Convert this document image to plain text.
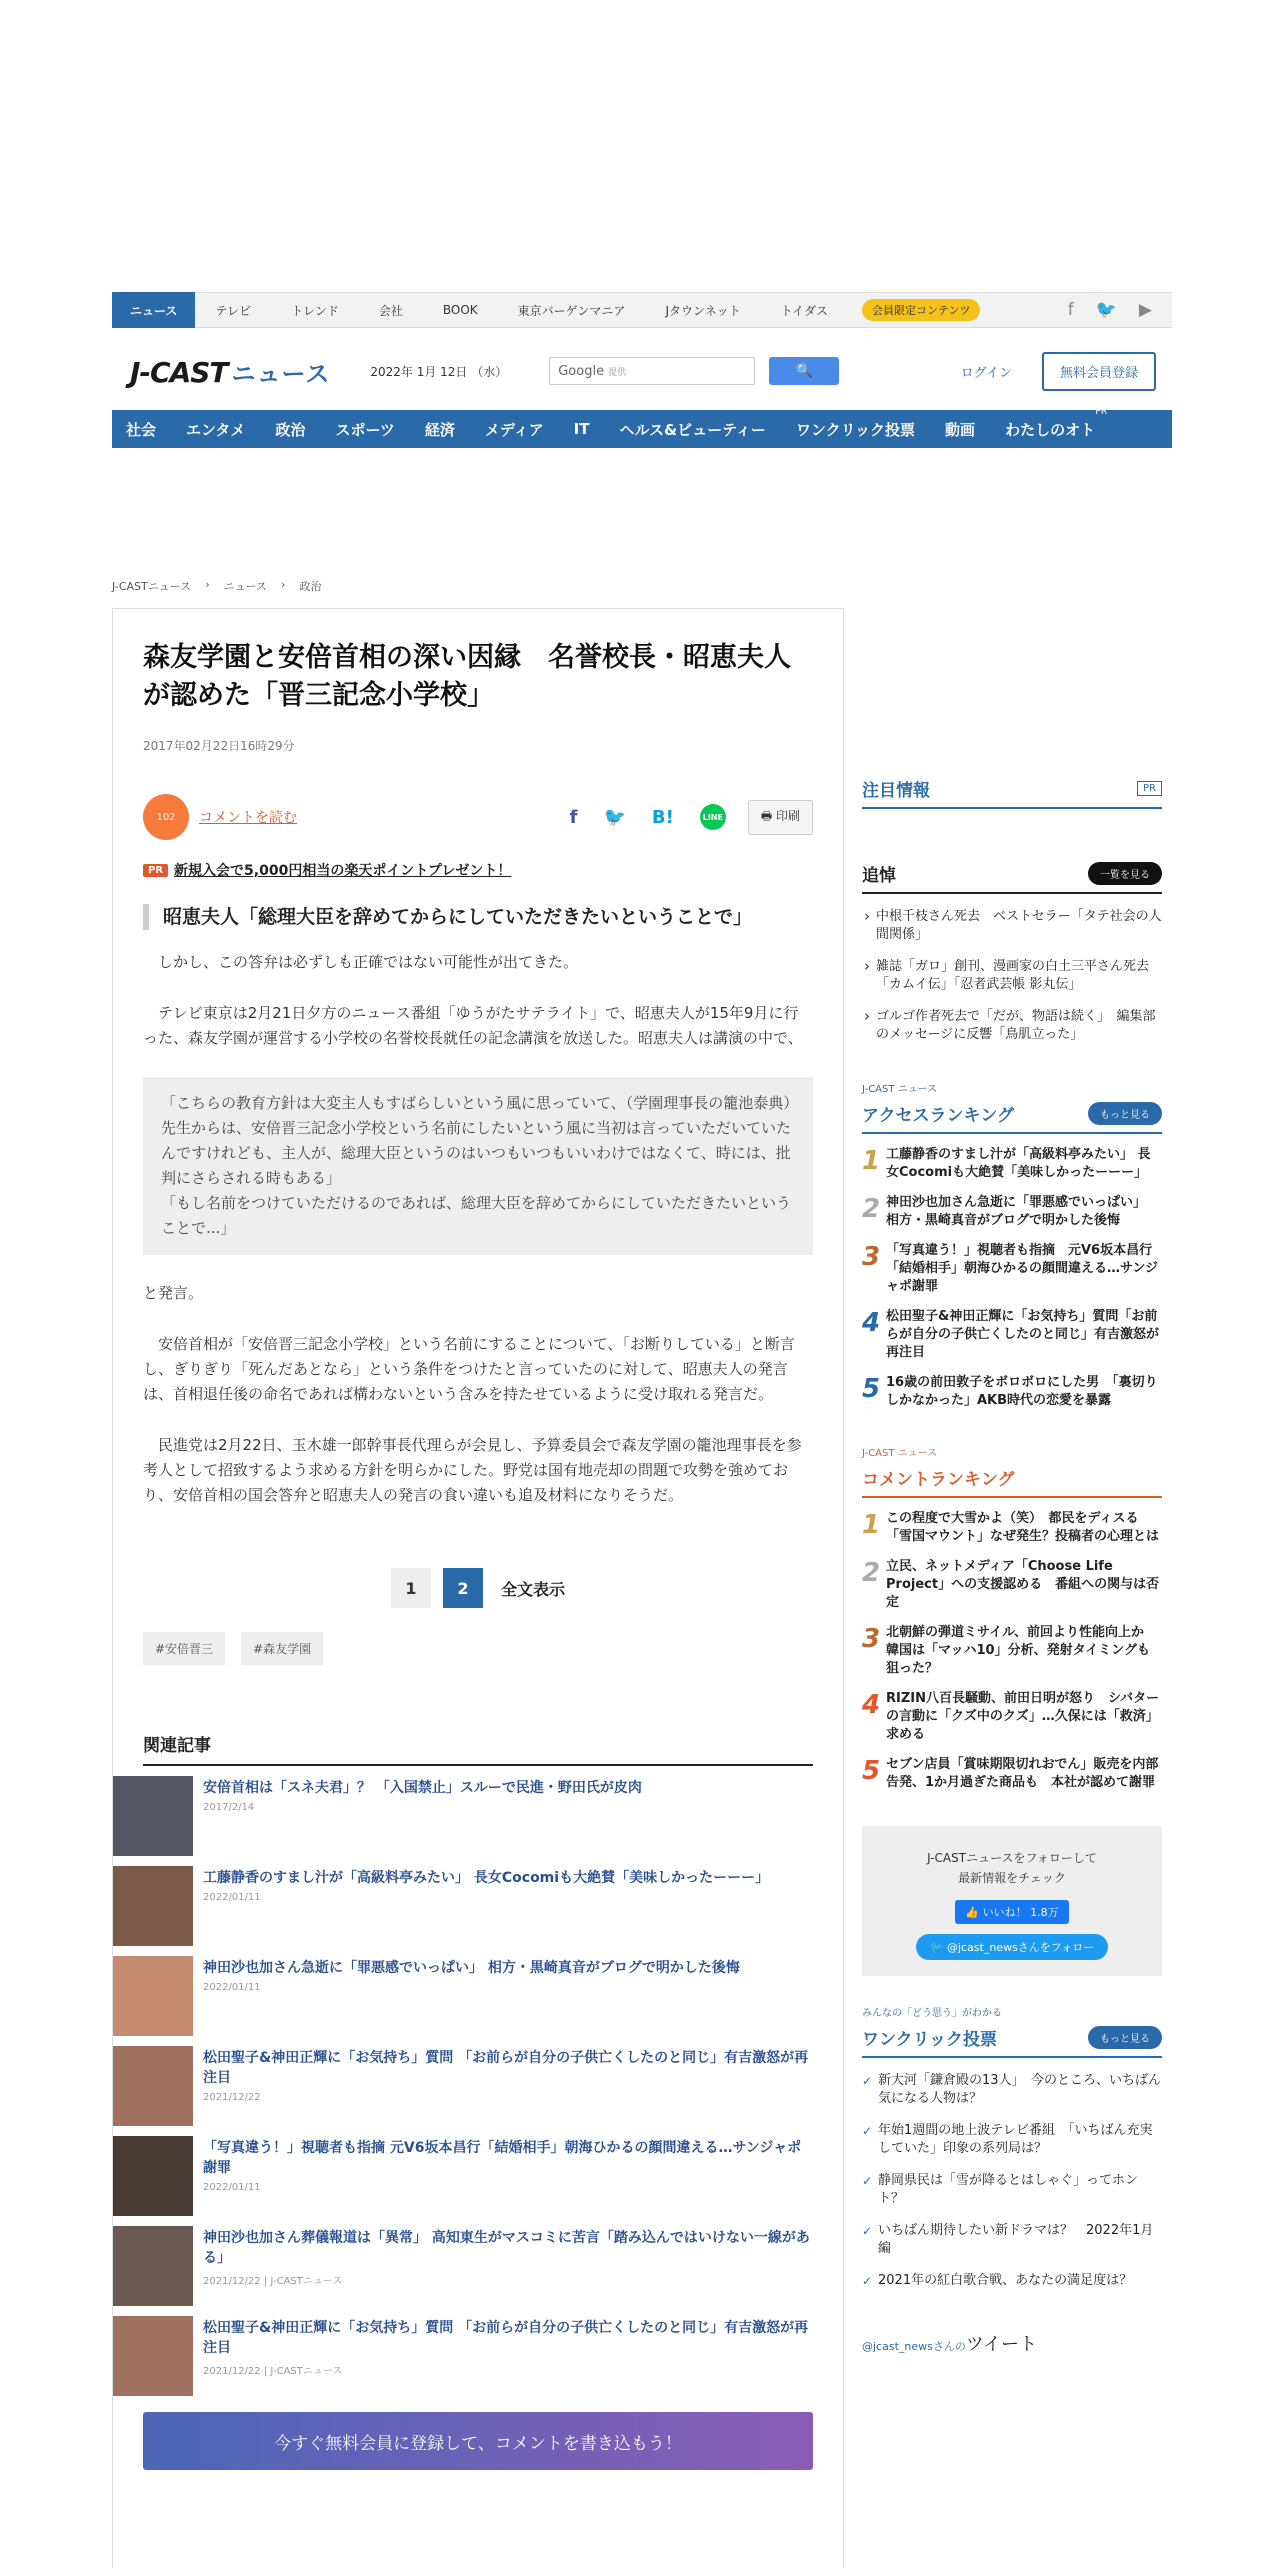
ニュース	テレビ	トレンド	会社	BOOK	東京バーゲンマニア	Jタウンネット	トイダス	会員限定コンテンツ	f 🐦 ▶
J-CAST ニュース	2022年 1月 12日 （水）	Google 提供	🔍	ログイン	無料会員登録
社会 エンタメ 政治 スポーツ 経済 メディア IT ヘルス&ビューティー ワンクリック投票 動画 わたしのオト
PR
J-CASTニュース › ニュース › 政治
森友学園と安倍首相の深い因縁　名誉校長・昭恵夫人が認めた「晋三記念小学校」
2017年02月22日16時29分
102	コメントを読む	f 🐦 B!	LINE	🖶 印刷
PR 新規入会で5,000円相当の楽天ポイントプレゼント！
昭恵夫人「総理大臣を辞めてからにしていただきたいということで」

しかし、この答弁は必ずしも正確ではない可能性が出てきた。

テレビ東京は2月21日夕方のニュース番組「ゆうがたサテライト」で、昭恵夫人が15年9月に行った、森友学園が運営する小学校の名誉校長就任の記念講演を放送した。昭恵夫人は講演の中で、

「こちらの教育方針は大変主人もすばらしいという風に思っていて、（学園理事長の籠池泰典）先生からは、安倍晋三記念小学校という名前にしたいという風に当初は言っていただいていたんですけれども、主人が、総理大臣というのはいつもいつもいいわけではなくて、時には、批判にさらされる時もある」

「もし名前をつけていただけるのであれば、総理大臣を辞めてからにしていただきたいということで...」

と発言。

安倍首相が「安倍晋三記念小学校」という名前にすることについて、「お断りしている」と断言し、ぎりぎり「死んだあとなら」という条件をつけたと言っていたのに対して、昭恵夫人の発言は、首相退任後の命名であれば構わないという含みを持たせているように受け取れる発言だ。

民進党は2月22日、玉木雄一郎幹事長代理らが会見し、予算委員会で森友学園の籠池理事長を参考人として招致するよう求める方針を明らかにした。野党は国有地売却の問題で攻勢を強めており、安倍首相の国会答弁と昭恵夫人の発言の食い違いも追及材料になりそうだ。

1	2	全文表示
#安倍晋三	#森友学園
関連記事
安倍首相は「スネ夫君」？ 「入国禁止」スルーで民進・野田氏が皮肉
2017/2/14
工藤静香のすまし汁が「高級料亭みたい」 長女Cocomiも大絶賛「美味しかったーーー」
2022/01/11
神田沙也加さん急逝に「罪悪感でいっぱい」 相方・黒崎真音がブログで明かした後悔
2022/01/11
松田聖子&神田正輝に「お気持ち」質問 「お前らが自分の子供亡くしたのと同じ」有吉激怒が再注目
2021/12/22
「写真違う！」視聴者も指摘 元V6坂本昌行「結婚相手」朝海ひかるの顔間違える…サンジャポ謝罪
2022/01/11
神田沙也加さん葬儀報道は「異常」 高知東生がマスコミに苦言「踏み込んではいけない一線がある」
2021/12/22 | J-CASTニュース
松田聖子&神田正輝に「お気持ち」質問 「お前らが自分の子供亡くしたのと同じ」有吉激怒が再注目
2021/12/22 | J-CASTニュース
今すぐ無料会員に登録して、コメントを書き込もう！
注目情報	PR
追悼	一覧を見る
› 中根千枝さん死去　ベストセラー「タテ社会の人間関係」
› 雑誌「ガロ」創刊、漫画家の白土三平さん死去　「カムイ伝」「忍者武芸帳 影丸伝」
› ゴルゴ作者死去で「だが、物語は続く」　編集部のメッセージに反響「鳥肌立った」
J-CAST ニュース
アクセスランキング	もっと見る
1 工藤静香のすまし汁が「高級料亭みたい」 長女Cocomiも大絶賛「美味しかったーーー」
2 神田沙也加さん急逝に「罪悪感でいっぱい」　相方・黒崎真音がブログで明かした後悔
3 「写真違う！」視聴者も指摘　元V6坂本昌行「結婚相手」朝海ひかるの顔間違える…サンジャポ謝罪
4 松田聖子&神田正輝に「お気持ち」質問「お前らが自分の子供亡くしたのと同じ」有吉激怒が再注目
5 16歳の前田敦子をボロボロにした男　「裏切りしかなかった」AKB時代の恋愛を暴露
J-CAST ニュース
コメントランキング
1 この程度で大雪かよ（笑）　都民をディスる「雪国マウント」なぜ発生？投稿者の心理とは
2 立民、ネットメディア「Choose Life Project」への支援認める　番組への関与は否定
3 北朝鮮の弾道ミサイル、前回より性能向上か　韓国は「マッハ10」分析、発射タイミングも狙った？
4 RIZIN八百長騒動、前田日明が怒り　シバターの言動に「クズ中のクズ」…久保には「救済」求める
5 セブン店員「賞味期限切れおでん」販売を内部告発、1か月過ぎた商品も　本社が認めて謝罪
J-CASTニュースをフォローして
最新情報をチェック
👍 いいね！ 1.8万
🐦 @jcast_newsさんをフォロー
みんなの「どう思う」がわかる
ワンクリック投票	もっと見る
✓ 新大河「鎌倉殿の13人」　今のところ、いちばん気になる人物は？
✓ 年始1週間の地上波テレビ番組　「いちばん充実していた」印象の系列局は？
✓ 静岡県民は「雪が降るとはしゃぐ」ってホント？
✓ いちばん期待したい新ドラマは？　2022年1月編
✓ 2021年の紅白歌合戦、あなたの満足度は？
@jcast_newsさんのツイート
